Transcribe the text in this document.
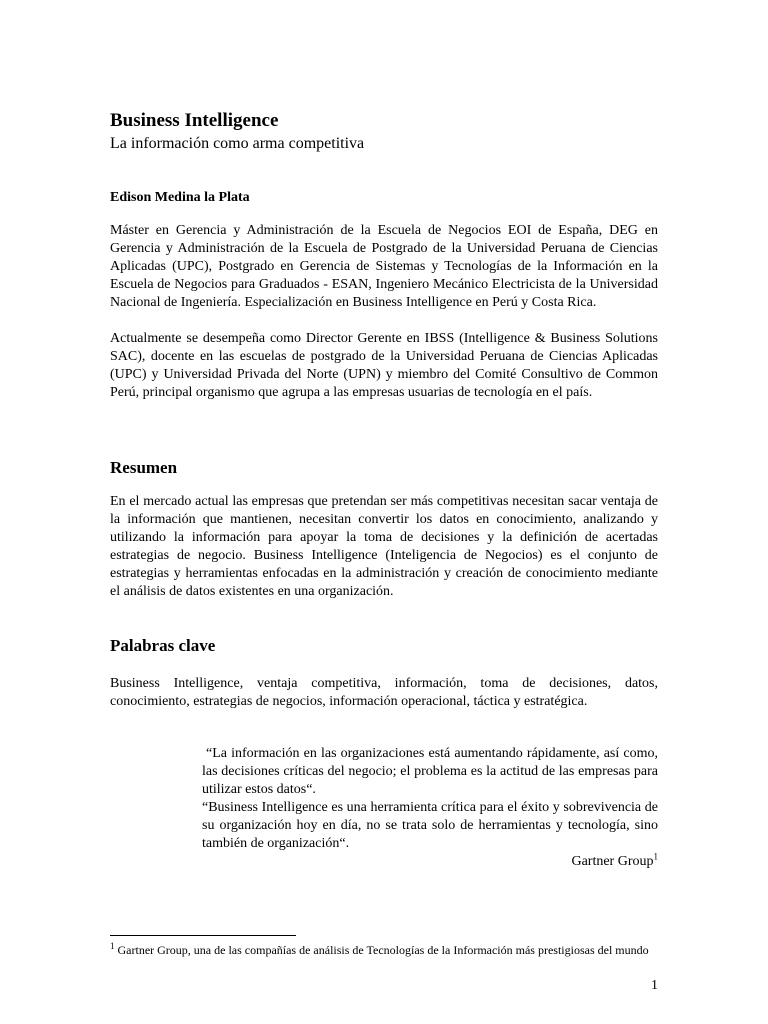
Business Intelligence
La información como arma competitiva
Edison Medina la Plata

Máster en Gerencia y Administración de la Escuela de Negocios EOI de España, DEG en Gerencia y Administración de la Escuela de Postgrado de la Universidad Peruana de Ciencias Aplicadas (UPC), Postgrado en Gerencia de Sistemas y Tecnologías de la Información en la Escuela de Negocios para Graduados - ESAN, Ingeniero Mecánico Electricista de la Universidad Nacional de Ingeniería. Especialización en Business Intelligence en Perú y Costa Rica.

Actualmente se desempeña como Director Gerente en IBSS (Intelligence & Business Solutions SAC), docente en las escuelas de postgrado de la Universidad Peruana de Ciencias Aplicadas (UPC) y Universidad Privada del Norte (UPN) y miembro del Comité Consultivo de Common Perú, principal organismo que agrupa a las empresas usuarias de tecnología en el país.

Resumen

En el mercado actual las empresas que pretendan ser más competitivas necesitan sacar ventaja de la información que mantienen, necesitan convertir los datos en conocimiento, analizando y utilizando la información para apoyar la toma de decisiones y la definición de acertadas estrategias de negocio. Business Intelligence (Inteligencia de Negocios) es el conjunto de estrategias y herramientas enfocadas en la administración y creación de conocimiento mediante el análisis de datos existentes en una organización.

Palabras clave

Business Intelligence, ventaja competitiva, información, toma de decisiones, datos, conocimiento, estrategias de negocios, información operacional, táctica y estratégica.

“La información en las organizaciones está aumentando rápidamente, así como, las decisiones críticas del negocio; el problema es la actitud de las empresas para utilizar estos datos“.

“Business Intelligence es una herramienta crítica para el éxito y sobrevivencia de su organización hoy en día, no se trata solo de herramientas y tecnología, sino también de organización“.

Gartner Group$^1$

$^1$ Gartner Group, una de las compañías de análisis de Tecnologías de la Información más prestigiosas del mundo

1
